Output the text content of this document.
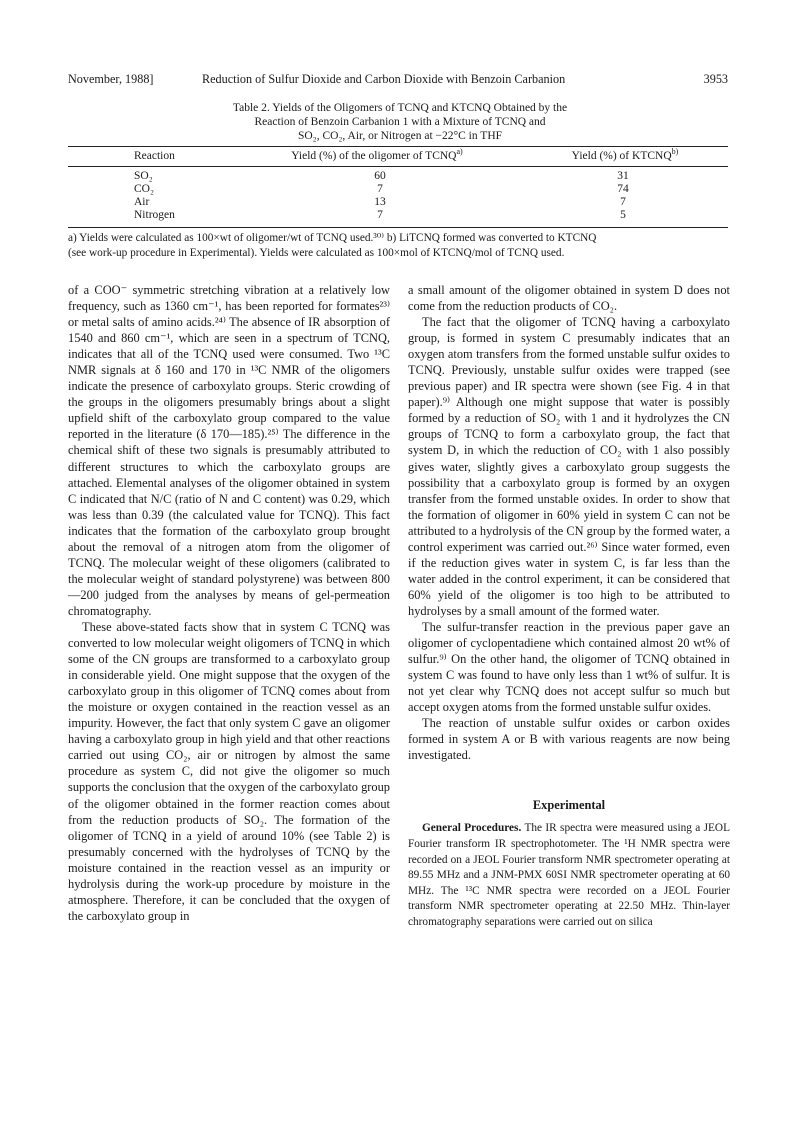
November, 1988]	Reduction of Sulfur Dioxide and Carbon Dioxide with Benzoin Carbanion	3953
Table 2. Yields of the Oligomers of TCNQ and KTCNQ Obtained by the
Reaction of Benzoin Carbanion 1 with a Mixture of TCNQ and
SO₂, CO₂, Air, or Nitrogen at −22°C in THF
Reaction	Yield (%) of the oligomer of TCNQ$^{a)}$	Yield (%) of KTCNQ$^{b)}$
SO₂	60	31
CO₂	7	74
Air	13	7
Nitrogen	7	5
a) Yields were calculated as 100×wt of oligomer/wt of TCNQ used.³⁰⁾ b) LiTCNQ formed was converted to KTCNQ
(see work-up procedure in Experimental). Yields were calculated as 100×mol of KTCNQ/mol of TCNQ used.

of a COO⁻ symmetric stretching vibration at a relatively low frequency, such as 1360 cm⁻¹, has been reported for formates²³⁾ or metal salts of amino acids.²⁴⁾ The absence of IR absorption of 1540 and 860 cm⁻¹, which are seen in a spectrum of TCNQ, indicates that all of the TCNQ used were consumed. Two ¹³C NMR signals at δ 160 and 170 in ¹³C NMR of the oligomers indicate the presence of carboxylato groups. Steric crowding of the groups in the oligomers presumably brings about a slight upfield shift of the carboxylato group compared to the value reported in the literature (δ 170—185).²⁵⁾ The difference in the chemical shift of these two signals is presumably attributed to different structures to which the carboxylato groups are attached. Elemental analyses of the oligomer obtained in system C indicated that N/C (ratio of N and C content) was 0.29, which was less than 0.39 (the calculated value for TCNQ). This fact indicates that the formation of the carboxylato group brought about the removal of a nitrogen atom from the oligomer of TCNQ. The molecular weight of these oligomers (calibrated to the molecular weight of standard polystyrene) was between 800—200 judged from the analyses by means of gel-permeation chromatography.

These above-stated facts show that in system C TCNQ was converted to low molecular weight oligomers of TCNQ in which some of the CN groups are transformed to a carboxylato group in considerable yield. One might suppose that the oxygen of the carboxylato group in this oligomer of TCNQ comes about from the moisture or oxygen contained in the reaction vessel as an impurity. However, the fact that only system C gave an oligomer having a carboxylato group in high yield and that other reactions carried out using CO₂, air or nitrogen by almost the same procedure as system C, did not give the oligomer so much supports the conclusion that the oxygen of the carboxylato group of the oligomer obtained in the former reaction comes about from the reduction products of SO₂. The formation of the oligomer of TCNQ in a yield of around 10% (see Table 2) is presumably concerned with the hydrolyses of TCNQ by the moisture contained in the reaction vessel as an impurity or hydrolysis during the work-up procedure by moisture in the atmosphere. Therefore, it can be concluded that the oxygen of the carboxylato group in

a small amount of the oligomer obtained in system D does not come from the reduction products of CO₂.

The fact that the oligomer of TCNQ having a carboxylato group, is formed in system C presumably indicates that an oxygen atom transfers from the formed unstable sulfur oxides to TCNQ. Previously, unstable sulfur oxides were trapped (see previous paper) and IR spectra were shown (see Fig. 4 in that paper).⁹⁾ Although one might suppose that water is possibly formed by a reduction of SO₂ with 1 and it hydrolyzes the CN groups of TCNQ to form a carboxylato group, the fact that system D, in which the reduction of CO₂ with 1 also possibly gives water, slightly gives a carboxylato group suggests the possibility that a carboxylato group is formed by an oxygen transfer from the formed unstable oxides. In order to show that the formation of oligomer in 60% yield in system C can not be attributed to a hydrolysis of the CN group by the formed water, a control experiment was carried out.²⁶⁾ Since water formed, even if the reduction gives water in system C, is far less than the water added in the control experiment, it can be considered that 60% yield of the oligomer is too high to be attributed to hydrolyses by a small amount of the formed water.

The sulfur-transfer reaction in the previous paper gave an oligomer of cyclopentadiene which contained almost 20 wt% of sulfur.⁹⁾ On the other hand, the oligomer of TCNQ obtained in system C was found to have only less than 1 wt% of sulfur. It is not yet clear why TCNQ does not accept sulfur so much but accept oxygen atoms from the formed unstable sulfur oxides.

The reaction of unstable sulfur oxides or carbon oxides formed in system A or B with various reagents are now being investigated.

Experimental

General Procedures. The IR spectra were measured using a JEOL Fourier transform IR spectrophotometer. The ¹H NMR spectra were recorded on a JEOL Fourier transform NMR spectrometer operating at 89.55 MHz and a JNM-PMX 60SI NMR spectrometer operating at 60 MHz. The ¹³C NMR spectra were recorded on a JEOL Fourier transform NMR spectrometer operating at 22.50 MHz. Thin-layer chromatography separations were carried out on silica
